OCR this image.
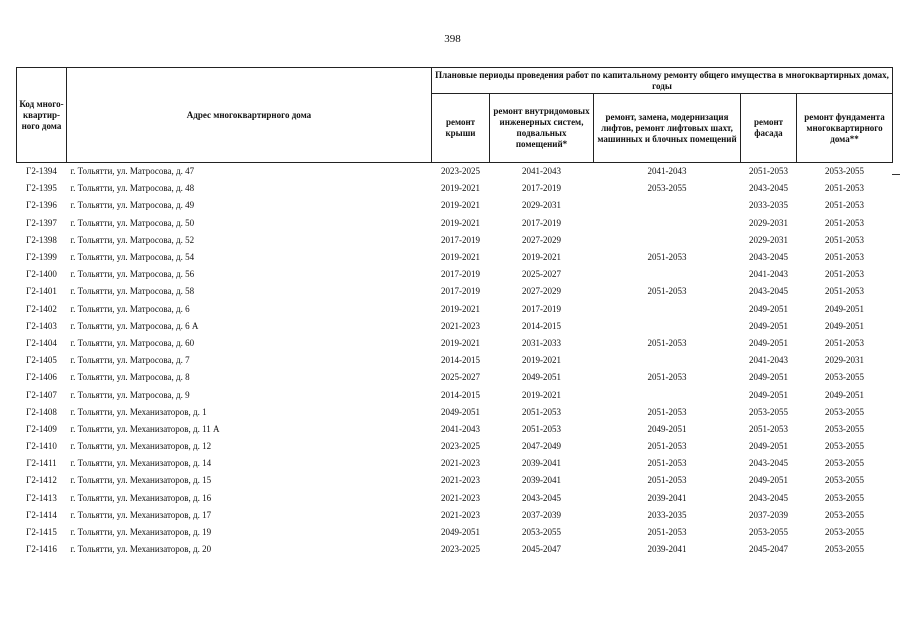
398
Код много-квартир-ного дома	Адрес многоквартирного дома	Плановые периоды проведения работ по капитальному ремонту общего имущества в многоквартирных домах, годы				
		ремонт крыши	ремонт внутридомовых инженерных систем, подвальных помещений*	ремонт, замена, модернизация лифтов, ремонт лифтовых шахт, машинных и блочных помещений	ремонт фасада	ремонт фундамента многоквартирного дома**
Г2-1394	г. Тольятти, ул. Матросова, д. 47	2023-2025	2041-2043	2041-2043	2051-2053	2053-2055
Г2-1395	г. Тольятти, ул. Матросова, д. 48	2019-2021	2017-2019	2053-2055	2043-2045	2051-2053
Г2-1396	г. Тольятти, ул. Матросова, д. 49	2019-2021	2029-2031		2033-2035	2051-2053
Г2-1397	г. Тольятти, ул. Матросова, д. 50	2019-2021	2017-2019		2029-2031	2051-2053
Г2-1398	г. Тольятти, ул. Матросова, д. 52	2017-2019	2027-2029		2029-2031	2051-2053
Г2-1399	г. Тольятти, ул. Матросова, д. 54	2019-2021	2019-2021	2051-2053	2043-2045	2051-2053
Г2-1400	г. Тольятти, ул. Матросова, д. 56	2017-2019	2025-2027		2041-2043	2051-2053
Г2-1401	г. Тольятти, ул. Матросова, д. 58	2017-2019	2027-2029	2051-2053	2043-2045	2051-2053
Г2-1402	г. Тольятти, ул. Матросова, д. 6	2019-2021	2017-2019		2049-2051	2049-2051
Г2-1403	г. Тольятти, ул. Матросова, д. 6 А	2021-2023	2014-2015		2049-2051	2049-2051
Г2-1404	г. Тольятти, ул. Матросова, д. 60	2019-2021	2031-2033	2051-2053	2049-2051	2051-2053
Г2-1405	г. Тольятти, ул. Матросова, д. 7	2014-2015	2019-2021		2041-2043	2029-2031
Г2-1406	г. Тольятти, ул. Матросова, д. 8	2025-2027	2049-2051	2051-2053	2049-2051	2053-2055
Г2-1407	г. Тольятти, ул. Матросова, д. 9	2014-2015	2019-2021		2049-2051	2049-2051
Г2-1408	г. Тольятти, ул. Механизаторов, д. 1	2049-2051	2051-2053	2051-2053	2053-2055	2053-2055
Г2-1409	г. Тольятти, ул. Механизаторов, д. 11 А	2041-2043	2051-2053	2049-2051	2051-2053	2053-2055
Г2-1410	г. Тольятти, ул. Механизаторов, д. 12	2023-2025	2047-2049	2051-2053	2049-2051	2053-2055
Г2-1411	г. Тольятти, ул. Механизаторов, д. 14	2021-2023	2039-2041	2051-2053	2043-2045	2053-2055
Г2-1412	г. Тольятти, ул. Механизаторов, д. 15	2021-2023	2039-2041	2051-2053	2049-2051	2053-2055
Г2-1413	г. Тольятти, ул. Механизаторов, д. 16	2021-2023	2043-2045	2039-2041	2043-2045	2053-2055
Г2-1414	г. Тольятти, ул. Механизаторов, д. 17	2021-2023	2037-2039	2033-2035	2037-2039	2053-2055
Г2-1415	г. Тольятти, ул. Механизаторов, д. 19	2049-2051	2053-2055	2051-2053	2053-2055	2053-2055
Г2-1416	г. Тольятти, ул. Механизаторов, д. 20	2023-2025	2045-2047	2039-2041	2045-2047	2053-2055
